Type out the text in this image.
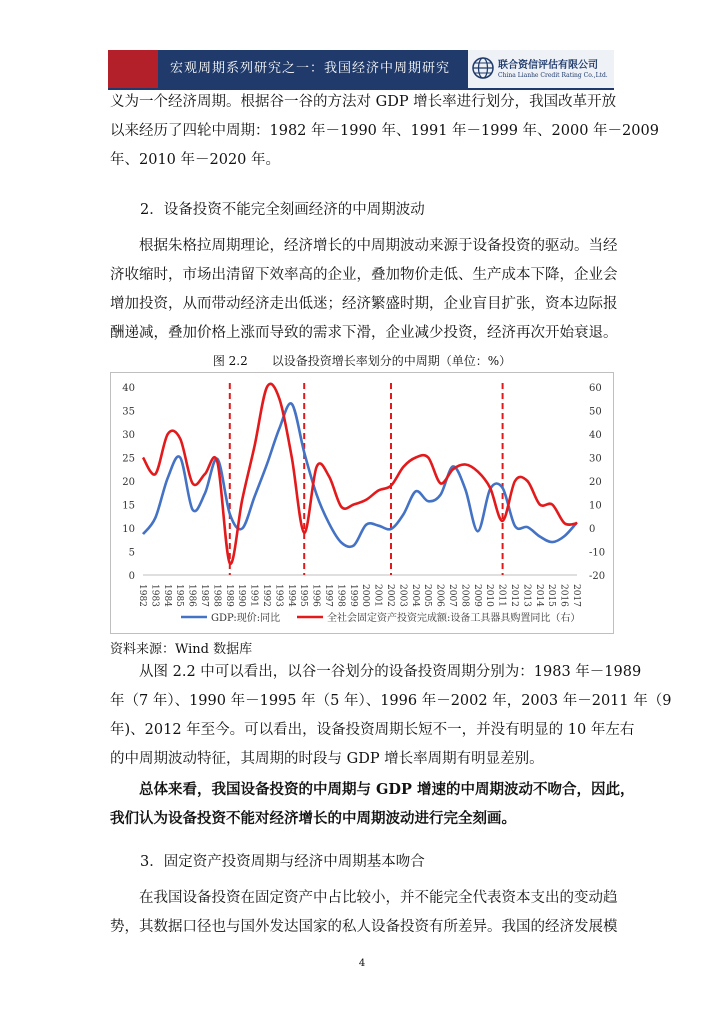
宏观周期系列研究之一：我国经济中周期研究	联合资信评估有限公司
China Lianhe Credit Rating Co.,Ltd.
义为一个经济周期。根据谷一谷的方法对 GDP 增长率进行划分，我国改革开放
以来经历了四轮中周期：1982 年－1990 年、1991 年－1999 年、2000 年－2009
年、2010 年－2020 年。
2．设备投资不能完全刻画经济的中周期波动
根据朱格拉周期理论，经济增长的中周期波动来源于设备投资的驱动。当经
济收缩时，市场出清留下效率高的企业，叠加物价走低、生产成本下降，企业会
增加投资，从而带动经济走出低迷；经济繁盛时期，企业盲目扩张，资本边际报
酬递减，叠加价格上涨而导致的需求下滑，企业减少投资，经济再次开始衰退。
图 2.2　　以设备投资增长率划分的中周期（单位：%）
0
5
10
15
20
25
30
35
40
-20
-10
0
10
20
30
40
50
60
1982 1983 1984 1985 1986 1987 1988 1989 1990 1991 1992 1993 1994 1995 1996 1997 1998 1999 2000 2001 2002 2003 2004 2005 2006 2007 2008 2009 2010 2011 2012 2013 2014 2015 2016 2017
GDP:现价:同比	全社会固定资产投资完成额:设备工具器具购置同比（右）
资料来源：Wind 数据库
从图 2.2 中可以看出，以谷一谷划分的设备投资周期分别为：1983 年－1989
年（7 年）、1990 年－1995 年（5 年）、1996 年－2002 年，2003 年－2011 年（9
年)、2012 年至今。可以看出，设备投资周期长短不一，并没有明显的 10 年左右
的中周期波动特征，其周期的时段与 GDP 增长率周期有明显差别。
总体来看，我国设备投资的中周期与 GDP 增速的中周期波动不吻合，因此，
我们认为设备投资不能对经济增长的中周期波动进行完全刻画。
3．固定资产投资周期与经济中周期基本吻合
在我国设备投资在固定资产中占比较小，并不能完全代表资本支出的变动趋
势，其数据口径也与国外发达国家的私人设备投资有所差异。我国的经济发展模
4
